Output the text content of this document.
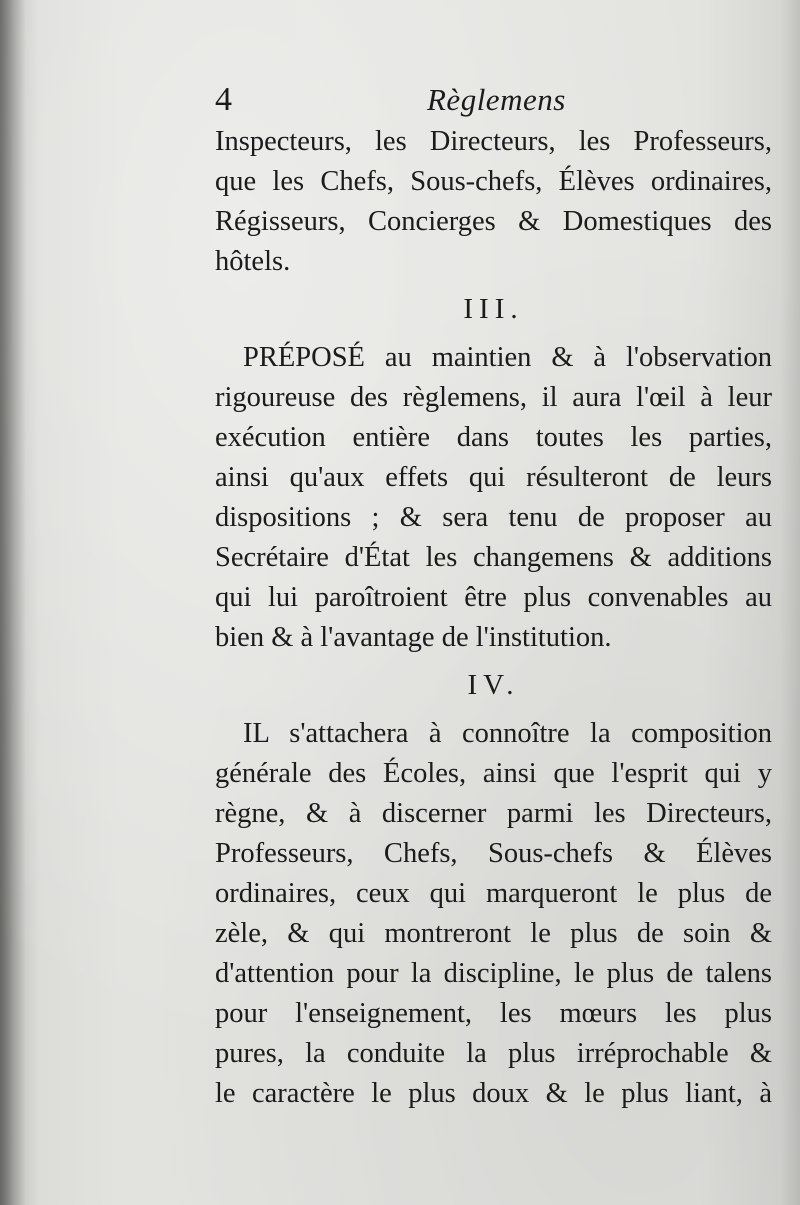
4	Règlemens
Inspecteurs, les Directeurs, les Professeurs,
que les Chefs, Sous-chefs, Élèves ordinaires,
Régisseurs, Concierges & Domestiques des
hôtels.
III.
PRÉPOSÉ au maintien & à l'observation
rigoureuse des règlemens, il aura l'œil à leur
exécution entière dans toutes les parties,
ainsi qu'aux effets qui résulteront de leurs
dispositions ; & sera tenu de proposer au
Secrétaire d'État les changemens & additions
qui lui paroîtroient être plus convenables au
bien & à l'avantage de l'institution.
IV.
IL s'attachera à connoître la composition
générale des Écoles, ainsi que l'esprit qui y
règne, & à discerner parmi les Directeurs,
Professeurs, Chefs, Sous-chefs & Élèves
ordinaires, ceux qui marqueront le plus de
zèle, & qui montreront le plus de soin &
d'attention pour la discipline, le plus de talens
pour l'enseignement, les mœurs les plus
pures, la conduite la plus irréprochable &
le caractère le plus doux & le plus liant, à
